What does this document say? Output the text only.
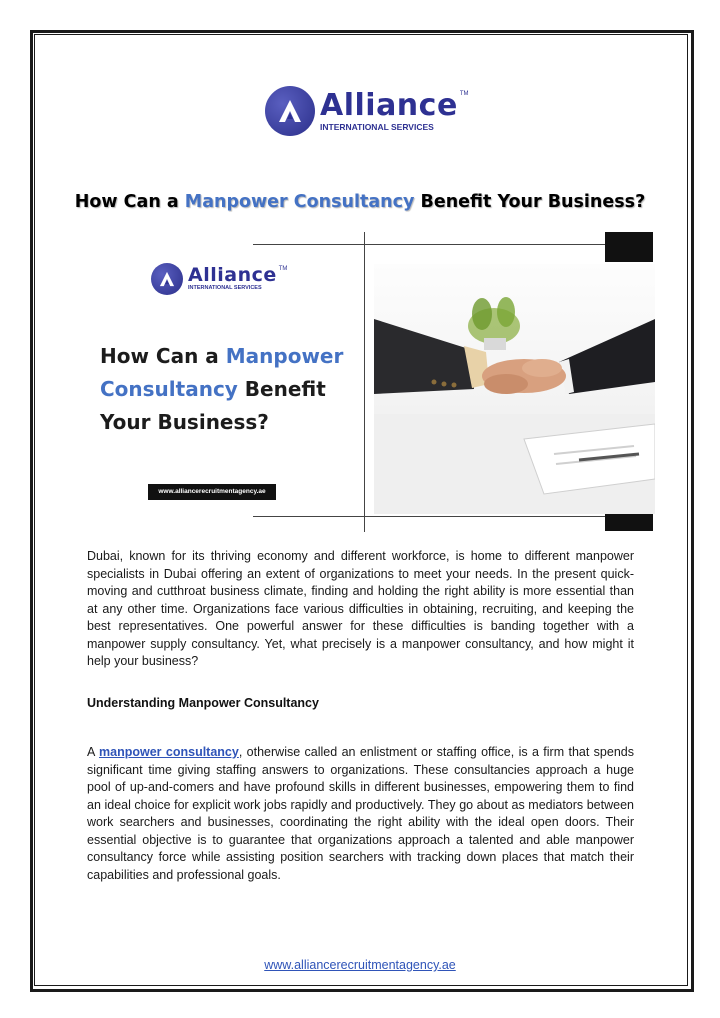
Alliance ™
INTERNATIONAL SERVICES
How Can a Manpower Consultancy Benefit Your Business?
Alliance ™
INTERNATIONAL SERVICES
How Can a Manpower
Consultancy Benefit
Your Business?
www.alliancerecruitmentagency.ae

Dubai, known for its thriving economy and different workforce, is home to different manpower specialists in Dubai offering an extent of organizations to meet your needs. In the present quick-moving and cutthroat business climate, finding and holding the right ability is more essential than at any other time. Organizations face various difficulties in obtaining, recruiting, and keeping the best representatives. One powerful answer for these difficulties is banding together with a manpower supply consultancy. Yet, what precisely is a manpower consultancy, and how might it help your business?

Understanding Manpower Consultancy

A manpower consultancy, otherwise called an enlistment or staffing office, is a firm that spends significant time giving staffing answers to organizations. These consultancies approach a huge pool of up-and-comers and have profound skills in different businesses, empowering them to find an ideal choice for explicit work jobs rapidly and productively. They go about as mediators between work searchers and businesses, coordinating the right ability with the ideal open doors. Their essential objective is to guarantee that organizations approach a talented and able manpower consultancy force while assisting position searchers with tracking down places that match their capabilities and professional goals.

www.alliancerecruitmentagency.ae
